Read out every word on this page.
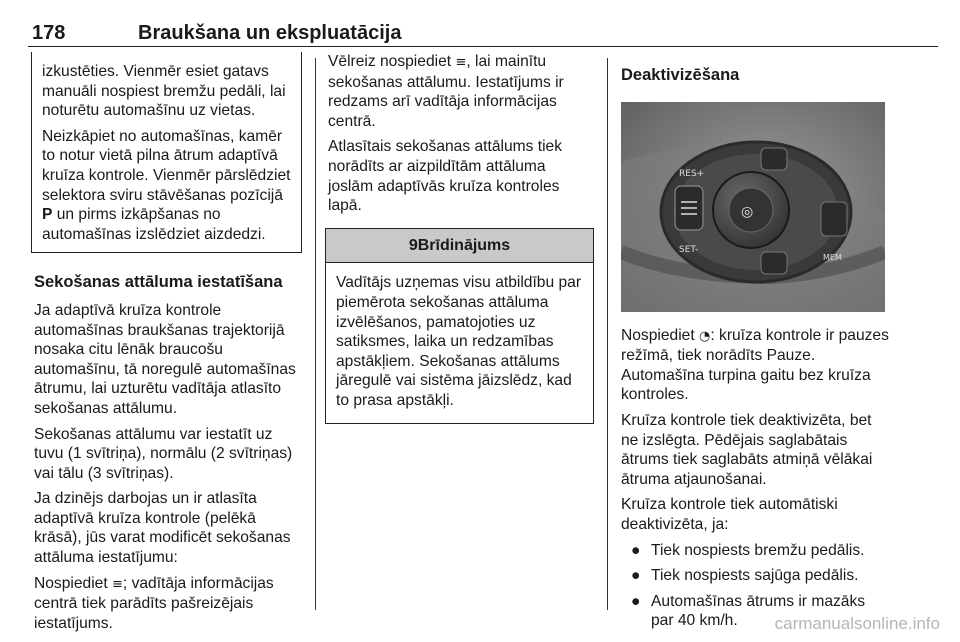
178	Braukšana un ekspluatācija

izkustēties. Vienmēr esiet gatavs manuāli nospiest bremžu pedāli, lai noturētu automašīnu uz vietas.

Neizkāpiet no automašīnas, kamēr to notur vietā pilna ātrum adaptīvā kruīza kontrole. Vienmēr pārslēdziet selektora sviru stāvēšanas pozīcijā P un pirms izkāpšanas no automašīnas izslēdziet aizdedzi.

Sekošanas attāluma iestatīšana

Ja adaptīvā kruīza kontrole automašīnas braukšanas trajektorijā nosaka citu lēnāk braucošu automašīnu, tā noregulē automašīnas ātrumu, lai uzturētu vadītāja atlasīto sekošanas attālumu.

Sekošanas attālumu var iestatīt uz tuvu (1 svītriņa), normālu (2 svītriņas) vai tālu (3 svītriņas).

Ja dzinējs darbojas un ir atlasīta adaptīvā kruīza kontrole (pelēkā krāsā), jūs varat modificēt sekošanas attāluma iestatījumu:

Nospiediet ≡; vadītāja informācijas centrā tiek parādīts pašreizējais iestatījums.

Vēlreiz nospiediet ≡, lai mainītu sekošanas attālumu. Iestatījums ir redzams arī vadītāja informācijas centrā.

Atlasītais sekošanas attālums tiek norādīts ar aizpildītām attāluma joslām adaptīvās kruīza kontroles lapā.

9Brīdinājums
Vadītājs uzņemas visu atbildību par piemērota sekošanas attāluma izvēlēšanos, pamatojoties uz satiksmes, laika un redzamības apstākļiem. Sekošanas attālums jāregulē vai sistēma jāizslēdz, kad to prasa apstākļi.
Deaktivizēšana
◎
RES+
SET-
MEM

Nospiediet ◔: kruīza kontrole ir pauzes režīmā, tiek norādīts Pauze. Automašīna turpina gaitu bez kruīza kontroles.

Kruīza kontrole tiek deaktivizēta, bet ne izslēgta. Pēdējais saglabātais ātrums tiek saglabāts atmiņā vēlākai ātruma atjaunošanai.

Kruīza kontrole tiek automātiski deaktivizēta, ja:

● Tiek nospiests bremžu pedālis.
● Tiek nospiests sajūga pedālis.
● Automašīnas ātrums ir mazāks par 40 km/h.	carmanualsonline.info
